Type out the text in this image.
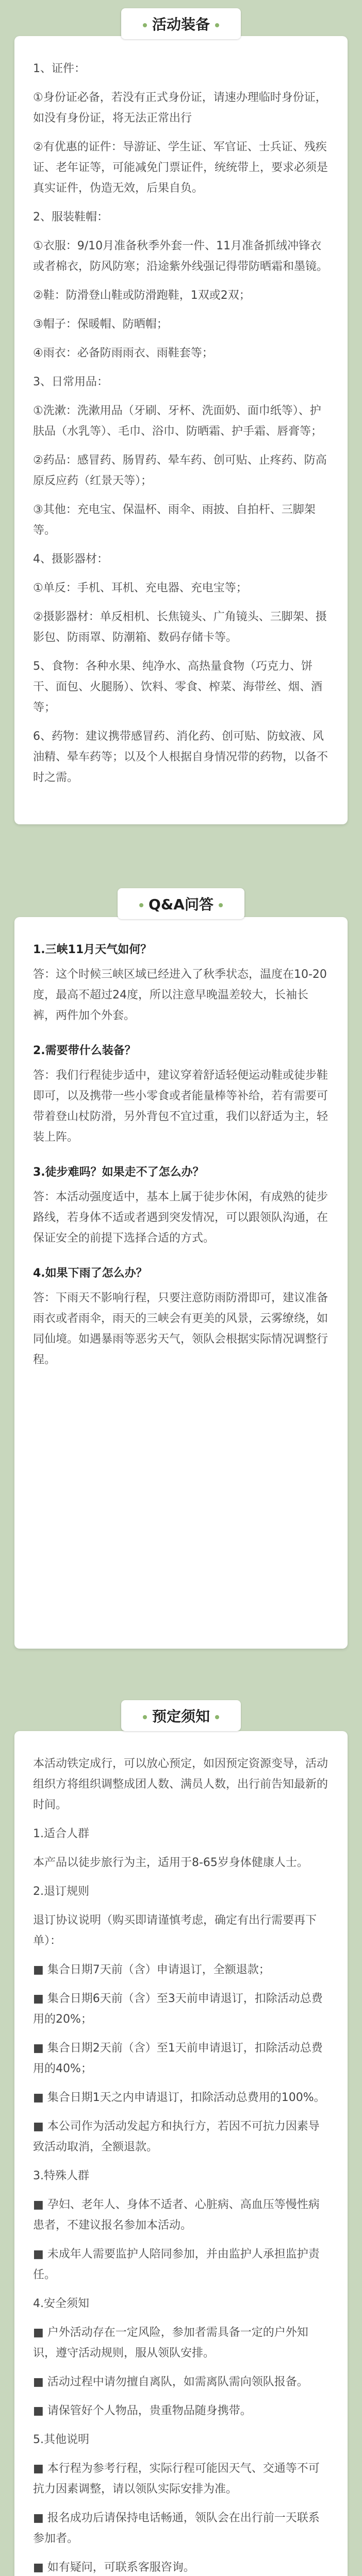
活动装备

1、证件：

①身份证必备，若没有正式身份证，请速办理临时身份证，如没有身份证，将无法正常出行

②有优惠的证件：导游证、学生证、军官证、士兵证、残疾证、老年证等，可能减免门票证件，统统带上，要求必须是真实证件，伪造无效，后果自负。

2、服装鞋帽：

①衣服：9/10月准备秋季外套一件、11月准备抓绒冲锋衣或者棉衣，防风防寒；沿途紫外线强记得带防晒霜和墨镜。

②鞋：防滑登山鞋或防滑跑鞋，1双或2双；

③帽子：保暖帽、防晒帽；

④雨衣：必备防雨雨衣、雨鞋套等；

3、日常用品：

①洗漱：洗漱用品（牙刷、牙杯、洗面奶、面巾纸等）、护肤品（水乳等）、毛巾、浴巾、防晒霜、护手霜、唇膏等；

②药品：感冒药、肠胃药、晕车药、创可贴、止疼药、防高原反应药（红景天等）；

③其他：充电宝、保温杯、雨伞、雨披、自拍杆、三脚架等。

4、摄影器材：

①单反：手机、耳机、充电器、充电宝等；

②摄影器材：单反相机、长焦镜头、广角镜头、三脚架、摄影包、防雨罩、防潮箱、数码存储卡等。

5、食物：各种水果、纯净水、高热量食物（巧克力、饼干、面包、火腿肠）、饮料、零食、榨菜、海带丝、烟、酒等；

6、药物：建议携带感冒药、消化药、创可贴、防蚊液、风油精、晕车药等；以及个人根据自身情况带的药物，以备不时之需。

Q&A问答

1.三峡11月天气如何？

答：这个时候三峡区域已经进入了秋季状态，温度在10-20度，最高不超过24度，所以注意早晚温差较大，长袖长裤，两件加个外套。

2.需要带什么装备？

答：我们行程徒步适中，建议穿着舒适轻便运动鞋或徒步鞋即可，以及携带一些小零食或者能量棒等补给，若有需要可带着登山杖防滑，另外背包不宜过重，我们以舒适为主，轻装上阵。

3.徒步难吗？如果走不了怎么办？

答：本活动强度适中，基本上属于徒步休闲，有成熟的徒步路线，若身体不适或者遇到突发情况，可以跟领队沟通，在保证安全的前提下选择合适的方式。

4.如果下雨了怎么办？

答：下雨天不影响行程，只要注意防雨防滑即可，建议准备雨衣或者雨伞，雨天的三峡会有更美的风景，云雾缭绕，如同仙境。如遇暴雨等恶劣天气，领队会根据实际情况调整行程。

预定须知

本活动铁定成行，可以放心预定，如因预定资源变导，活动组织方将组织调整成团人数、满员人数，出行前告知最新的时间。

1.适合人群

本产品以徒步旅行为主，适用于8-65岁身体健康人士。

2.退订规则

退订协议说明（购买即请谨慎考虑，确定有出行需要再下单）：

■ 集合日期7天前（含）申请退订，全额退款；

■ 集合日期6天前（含）至3天前申请退订，扣除活动总费用的20%；

■ 集合日期2天前（含）至1天前申请退订，扣除活动总费用的40%；

■ 集合日期1天之内申请退订，扣除活动总费用的100%。

■ 本公司作为活动发起方和执行方，若因不可抗力因素导致活动取消，全额退款。

3.特殊人群

■ 孕妇、老年人、身体不适者、心脏病、高血压等慢性病患者，不建议报名参加本活动。

■ 未成年人需要监护人陪同参加，并由监护人承担监护责任。

4.安全须知

■ 户外活动存在一定风险，参加者需具备一定的户外知识，遵守活动规则，服从领队安排。

■ 活动过程中请勿擅自离队，如需离队需向领队报备。

■ 请保管好个人物品，贵重物品随身携带。

5.其他说明

■ 本行程为参考行程，实际行程可能因天气、交通等不可抗力因素调整，请以领队实际安排为准。

■ 报名成功后请保持电话畅通，领队会在出行前一天联系参加者。

■ 如有疑问，可联系客服咨询。
